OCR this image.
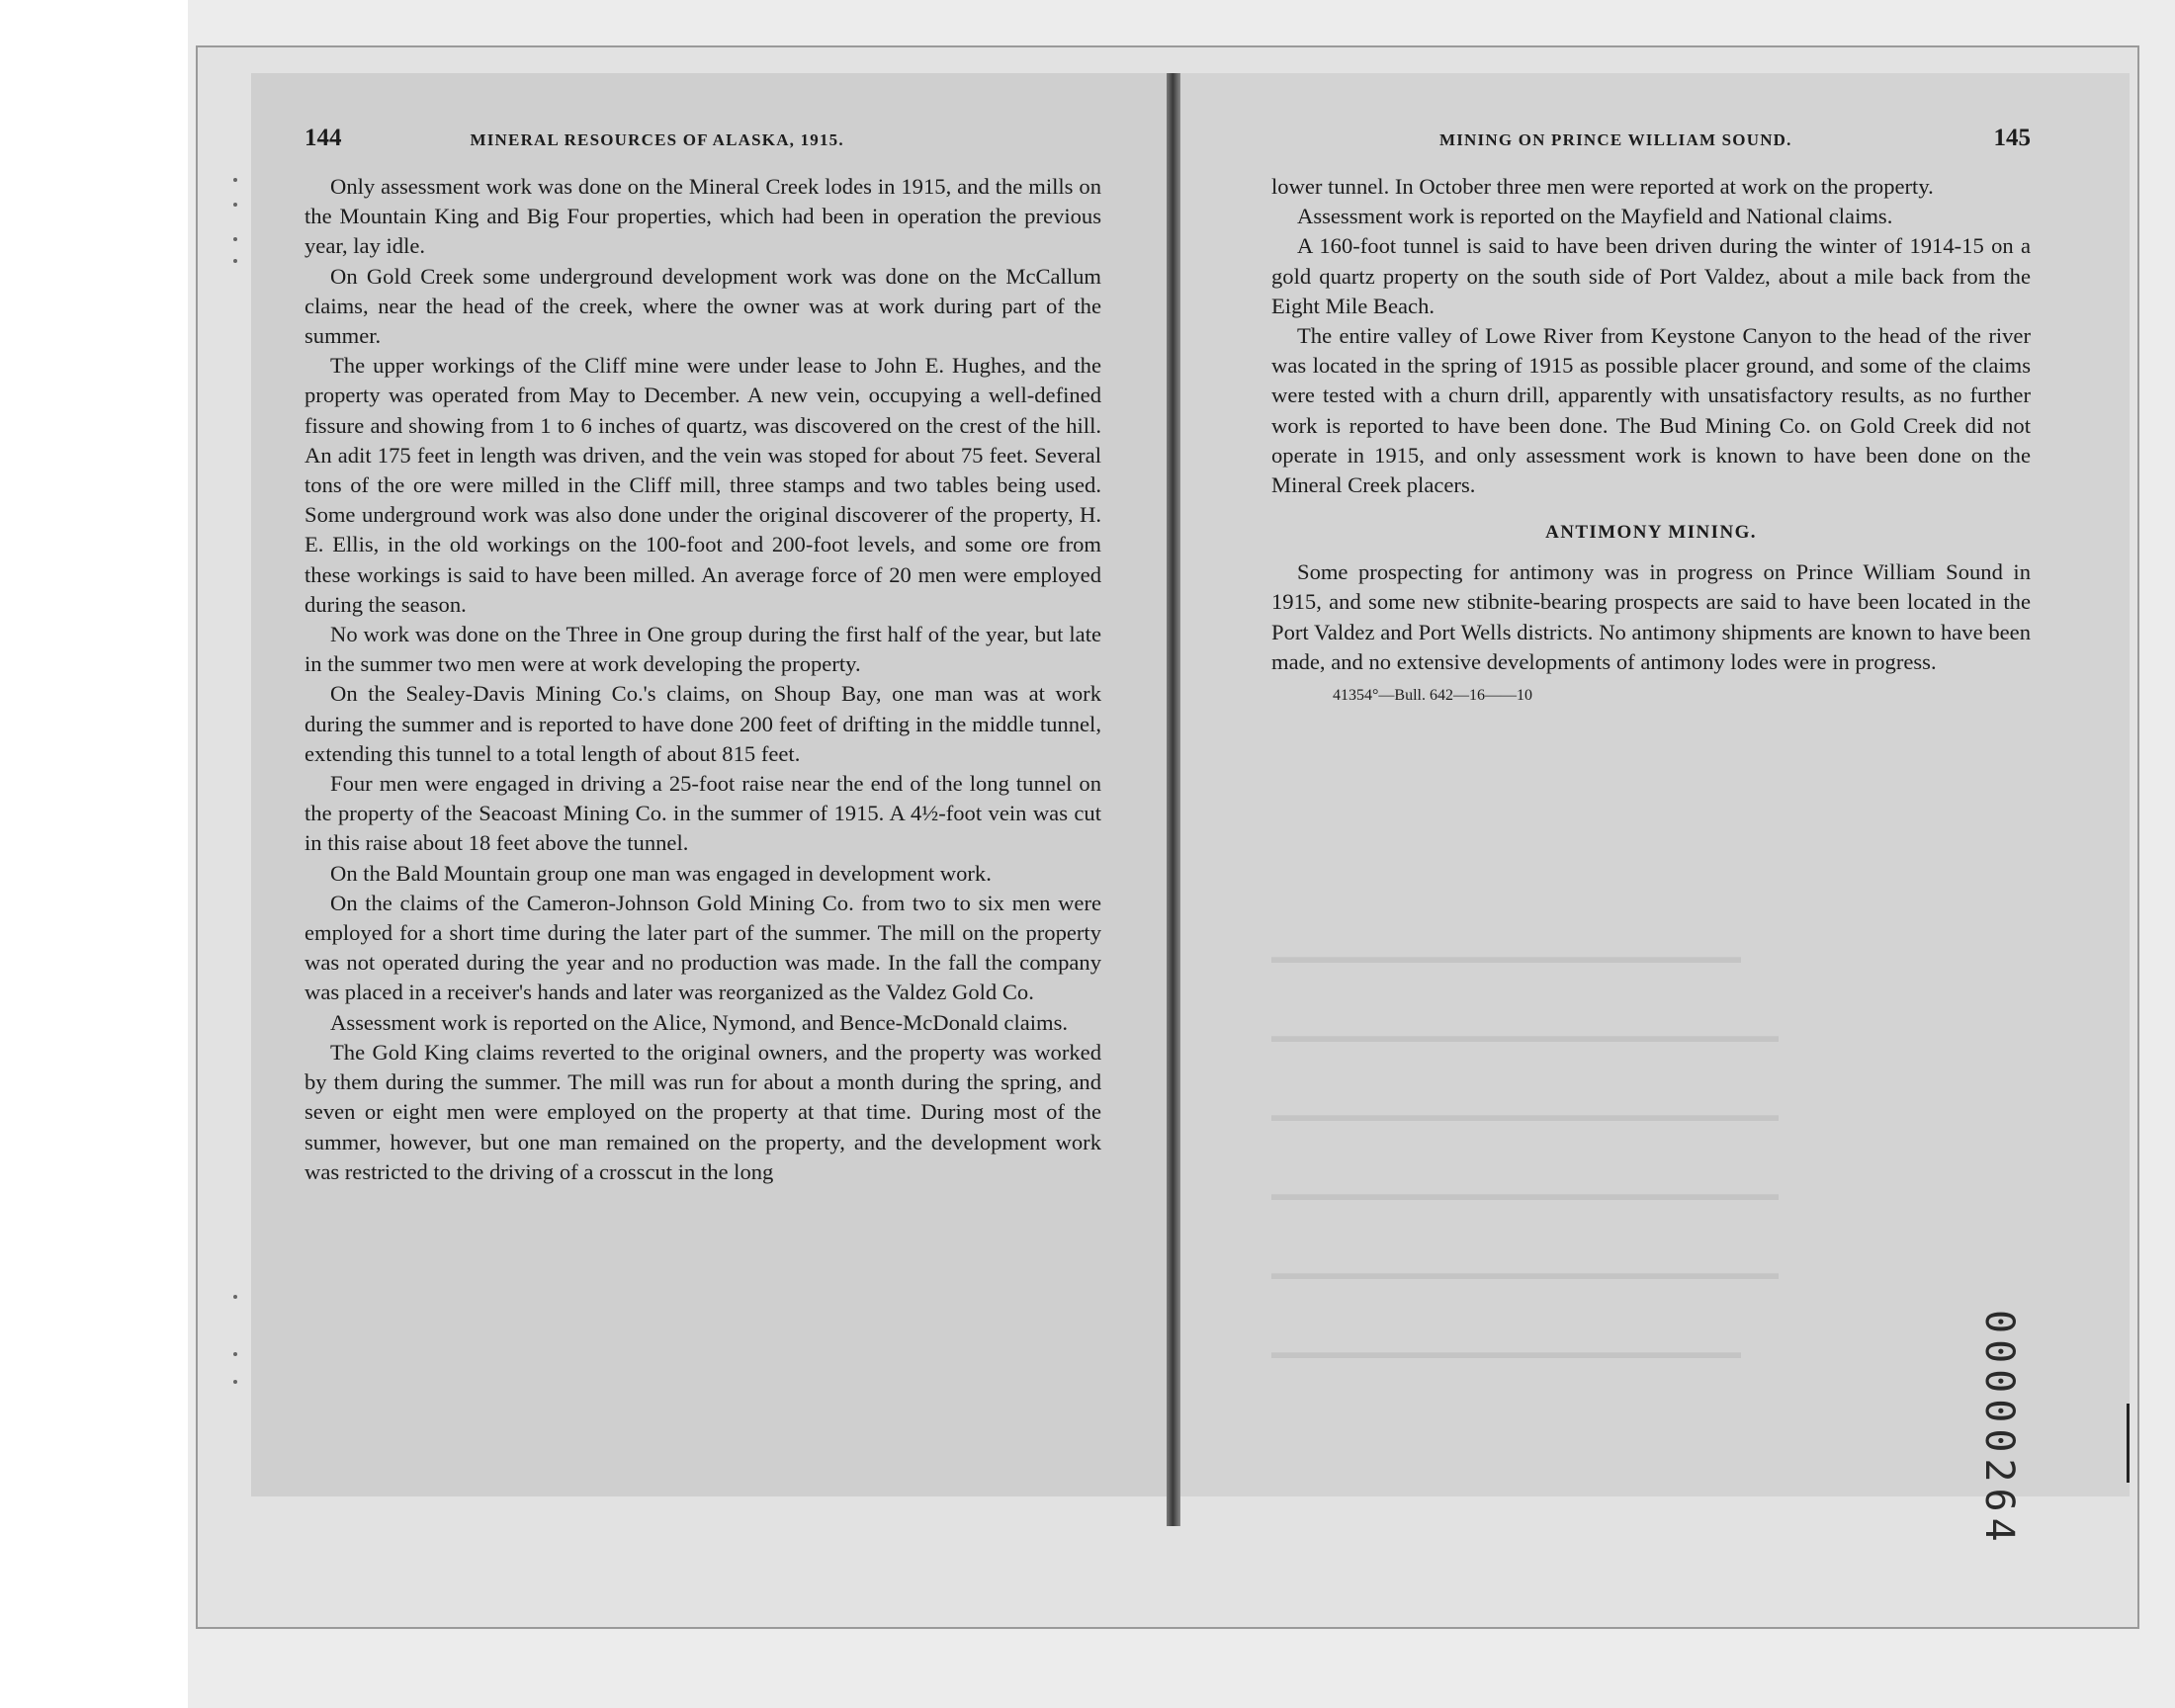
144	MINERAL RESOURCES OF ALASKA, 1915.

Only assessment work was done on the Mineral Creek lodes in 1915, and the mills on the Mountain King and Big Four properties, which had been in operation the previous year, lay idle.

On Gold Creek some underground development work was done on the McCallum claims, near the head of the creek, where the owner was at work during part of the summer.

The upper workings of the Cliff mine were under lease to John E. Hughes, and the property was operated from May to December. A new vein, occupying a well-defined fissure and showing from 1 to 6 inches of quartz, was discovered on the crest of the hill. An adit 175 feet in length was driven, and the vein was stoped for about 75 feet. Several tons of the ore were milled in the Cliff mill, three stamps and two tables being used. Some underground work was also done under the original discoverer of the property, H. E. Ellis, in the old workings on the 100-foot and 200-foot levels, and some ore from these workings is said to have been milled. An average force of 20 men were employed during the season.

No work was done on the Three in One group during the first half of the year, but late in the summer two men were at work developing the property.

On the Sealey-Davis Mining Co.'s claims, on Shoup Bay, one man was at work during the summer and is reported to have done 200 feet of drifting in the middle tunnel, extending this tunnel to a total length of about 815 feet.

Four men were engaged in driving a 25-foot raise near the end of the long tunnel on the property of the Seacoast Mining Co. in the summer of 1915. A 4½-foot vein was cut in this raise about 18 feet above the tunnel.

On the Bald Mountain group one man was engaged in development work.

On the claims of the Cameron-Johnson Gold Mining Co. from two to six men were employed for a short time during the later part of the summer. The mill on the property was not operated during the year and no production was made. In the fall the company was placed in a receiver's hands and later was reorganized as the Valdez Gold Co.

Assessment work is reported on the Alice, Nymond, and Bence-McDonald claims.

The Gold King claims reverted to the original owners, and the property was worked by them during the summer. The mill was run for about a month during the spring, and seven or eight men were employed on the property at that time. During most of the summer, however, but one man remained on the property, and the development work was restricted to the driving of a crosscut in the long

MINING ON PRINCE WILLIAM SOUND.	145

lower tunnel. In October three men were reported at work on the property.

Assessment work is reported on the Mayfield and National claims.

A 160-foot tunnel is said to have been driven during the winter of 1914-15 on a gold quartz property on the south side of Port Valdez, about a mile back from the Eight Mile Beach.

The entire valley of Lowe River from Keystone Canyon to the head of the river was located in the spring of 1915 as possible placer ground, and some of the claims were tested with a churn drill, apparently with unsatisfactory results, as no further work is reported to have been done. The Bud Mining Co. on Gold Creek did not operate in 1915, and only assessment work is known to have been done on the Mineral Creek placers.

ANTIMONY MINING.

Some prospecting for antimony was in progress on Prince William Sound in 1915, and some new stibnite-bearing prospects are said to have been located in the Port Valdez and Port Wells districts. No antimony shipments are known to have been made, and no extensive developments of antimony lodes were in progress.

41354°—Bull. 642—16——10
▬▬▬▬▬▬▬▬▬▬▬▬▬▬▬▬▬▬▬▬▬▬▬▬▬
▬▬▬▬▬▬▬▬▬▬▬▬▬▬▬▬▬▬▬▬▬▬▬▬▬▬▬
▬▬▬▬▬▬▬▬▬▬▬▬▬▬▬▬▬▬▬▬▬▬▬▬▬▬▬
▬▬▬▬▬▬▬▬▬▬▬▬▬▬▬▬▬▬▬▬▬▬▬▬▬▬▬
▬▬▬▬▬▬▬▬▬▬▬▬▬▬▬▬▬▬▬▬▬▬▬▬▬▬▬
▬▬▬▬▬▬▬▬▬▬▬▬▬▬▬▬▬▬▬▬▬▬▬▬▬	00000264
